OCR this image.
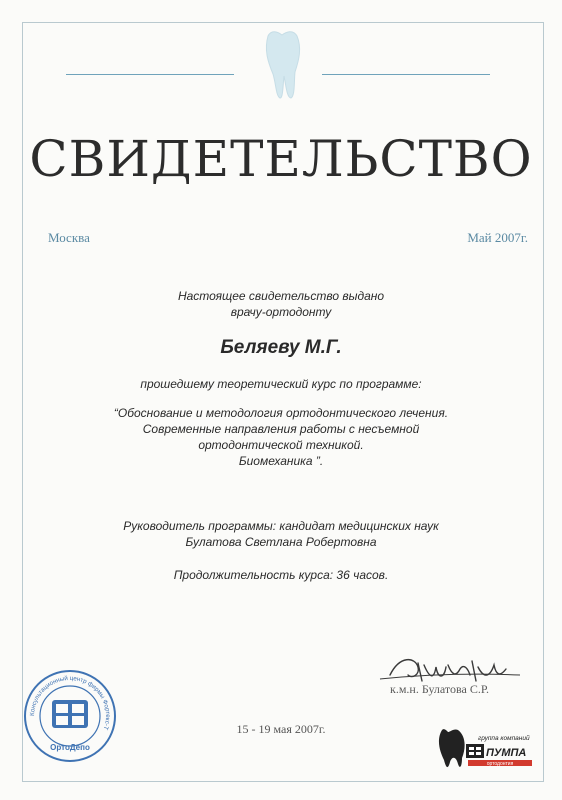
СВИДЕТЕЛЬСТВО
Москва	Май 2007г.
Настоящее свидетельство выдано
врачу-ортодонту
Беляеву М.Г.
прошедшему теоретический курс по программе:
“Обоснование и методология ортодонтического лечения.
Современные направления работы с несъемной
ортодонтической техникой.
Биомеханика ”.
Руководитель программы: кандидат медицинских наук
Булатова Светлана Робертовна
Продолжительность курса: 36 часов.
к.м.н. Булатова С.Р.
15 - 19 мая 2007г.
Консультационный центр фирмы Фортекс-Т
ОртоДепо
группа компаний
ПУМПА
ортодонтия
